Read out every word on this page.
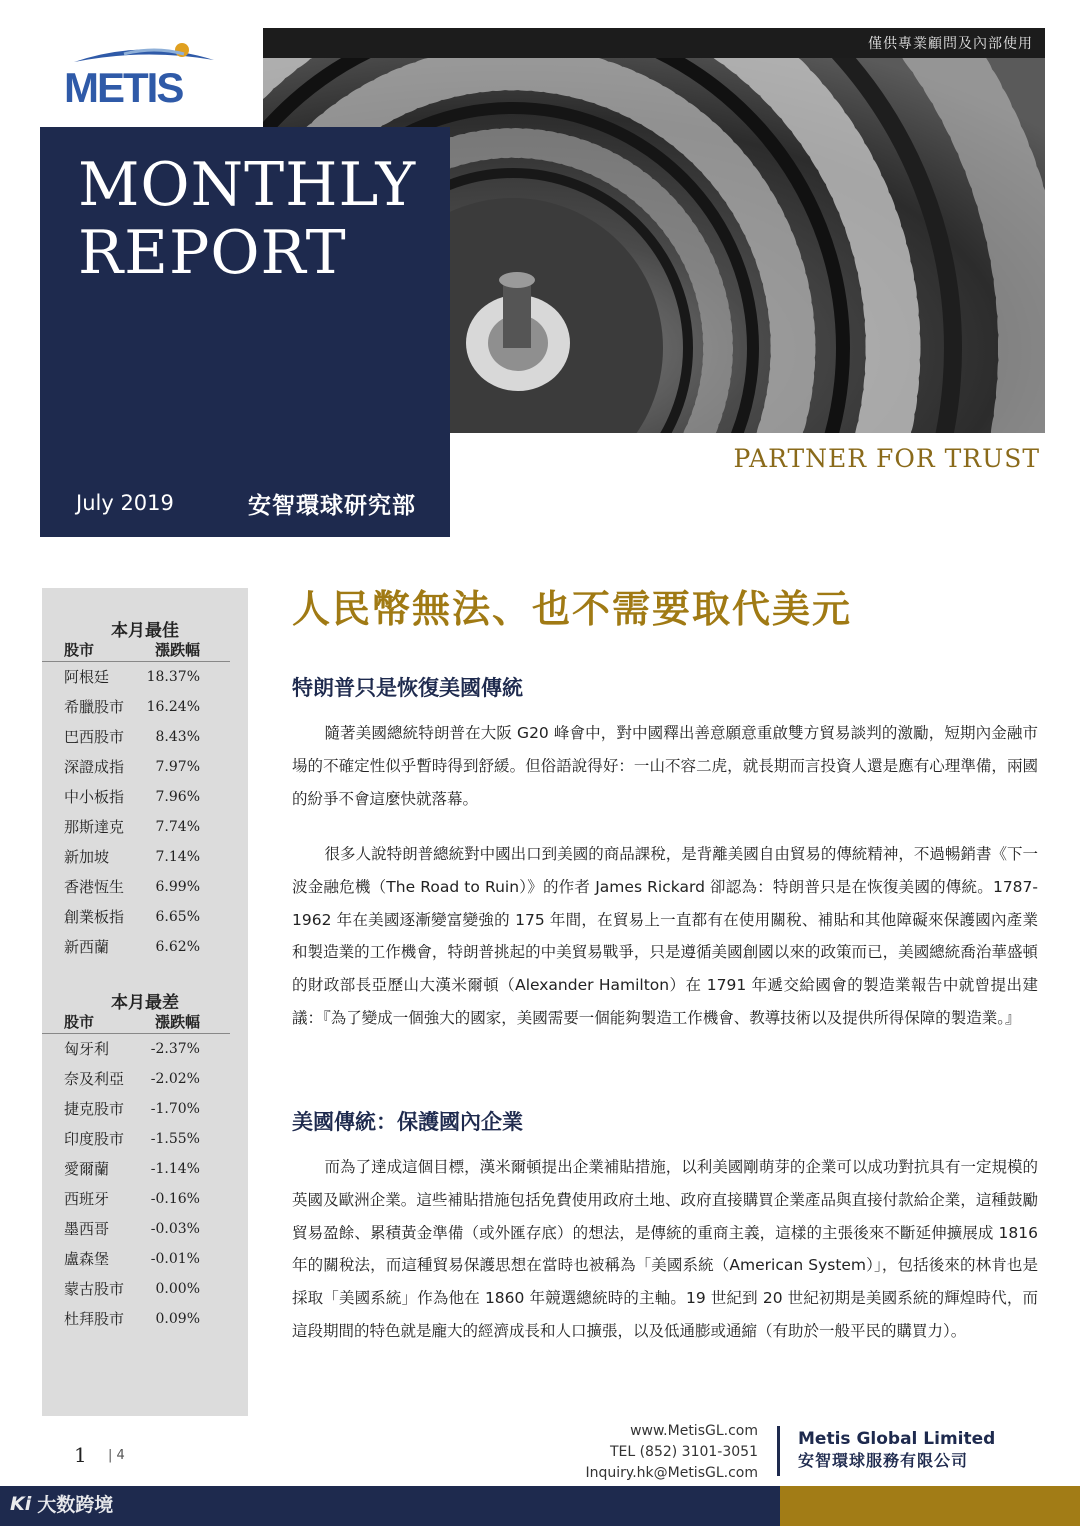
僅供專業顧問及內部使用
METIS
MONTHLY
REPORT
July 2019	安智環球研究部
PARTNER FOR TRUST
本月最佳
股市	漲跌幅
阿根廷	18.37%
希臘股市 16.24%
巴西股市 8.43%
深證成指 7.97%
中小板指 7.96%
那斯達克 7.74%
新加坡	7.14%
香港恆生 6.99%
創業板指 6.65%
新西蘭	6.62%
本月最差
股市	漲跌幅
匈牙利	-2.37%
奈及利亞 -2.02%
捷克股市 -1.70%
印度股市 -1.55%
愛爾蘭	-1.14%
西班牙	-0.16%
墨西哥	-0.03%
盧森堡	-0.01%
蒙古股市 0.00%
杜拜股市 0.09%
人民幣無法、也不需要取代美元
特朗普只是恢復美國傳統
隨著美國總統特朗普在大阪 G20 峰會中，對中國釋出善意願意重啟雙方貿易談判的激勵，短期內金融市場的不確定性似乎暫時得到舒緩。但俗語說得好：一山不容二虎，就長期而言投資人還是應有心理準備，兩國的紛爭不會這麼快就落幕。
很多人說特朗普總統對中國出口到美國的商品課稅，是背離美國自由貿易的傳統精神，不過暢銷書《下一波金融危機（The Road to Ruin）》的作者 James Rickard 卻認為：特朗普只是在恢復美國的傳統。1787-1962 年在美國逐漸變富變強的 175 年間，在貿易上一直都有在使用關稅、補貼和其他障礙來保護國內產業和製造業的工作機會，特朗普挑起的中美貿易戰爭，只是遵循美國創國以來的政策而已，美國總統喬治華盛頓的財政部長亞歷山大漢米爾頓（Alexander Hamilton）在 1791 年遞交給國會的製造業報告中就曾提出建議：『為了變成一個強大的國家，美國需要一個能夠製造工作機會、教導技術以及提供所得保障的製造業。』
美國傳統：保護國內企業
而為了達成這個目標，漢米爾頓提出企業補貼措施，以利美國剛萌芽的企業可以成功對抗具有一定規模的英國及歐洲企業。這些補貼措施包括免費使用政府土地、政府直接購買企業產品與直接付款給企業，這種鼓勵貿易盈餘、累積黃金準備（或外匯存底）的想法，是傳統的重商主義，這樣的主張後來不斷延伸擴展成 1816 年的關稅法，而這種貿易保護思想在當時也被稱為「美國系統（American System）」，包括後來的林肯也是採取「美國系統」作為他在 1860 年競選總統時的主軸。19 世紀到 20 世紀初期是美國系統的輝煌時代，而這段期間的特色就是龐大的經濟成長和人口擴張，以及低通膨或通縮（有助於一般平民的購買力）。
1 | 4
www.MetisGL.com
TEL (852) 3101-3051
Inquiry.hk@MetisGL.com
Metis Global Limited
安智環球服務有限公司
Ki 大数跨境
